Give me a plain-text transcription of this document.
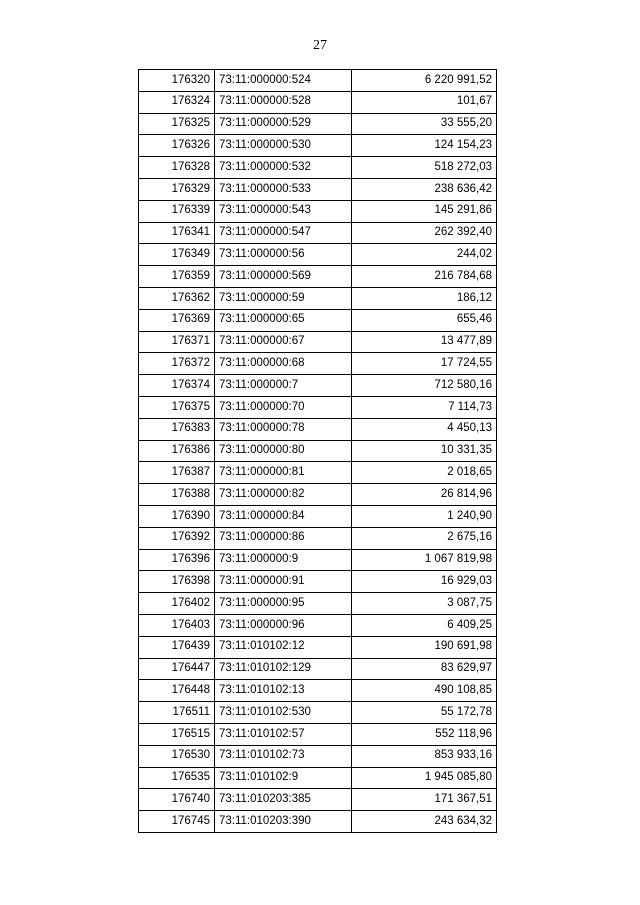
27
176320	73:11:000000:524	6 220 991,52
176324	73:11:000000:528	101,67
176325	73:11:000000:529	33 555,20
176326	73:11:000000:530	124 154,23
176328	73:11:000000:532	518 272,03
176329	73:11:000000:533	238 636,42
176339	73:11:000000:543	145 291,86
176341	73:11:000000:547	262 392,40
176349	73:11:000000:56	244,02
176359	73:11:000000:569	216 784,68
176362	73:11:000000:59	186,12
176369	73:11:000000:65	655,46
176371	73:11:000000:67	13 477,89
176372	73:11:000000:68	17 724,55
176374	73:11:000000:7	712 580,16
176375	73:11:000000:70	7 114,73
176383	73:11:000000:78	4 450,13
176386	73:11:000000:80	10 331,35
176387	73:11:000000:81	2 018,65
176388	73:11:000000:82	26 814,96
176390	73:11:000000:84	1 240,90
176392	73:11:000000:86	2 675,16
176396	73:11:000000:9	1 067 819,98
176398	73:11:000000:91	16 929,03
176402	73:11:000000:95	3 087,75
176403	73:11:000000:96	6 409,25
176439	73:11:010102:12	190 691,98
176447	73:11:010102:129	83 629,97
176448	73:11:010102:13	490 108,85
176511	73:11:010102:530	55 172,78
176515	73:11:010102:57	552 118,96
176530	73:11:010102:73	853 933,16
176535	73:11:010102:9	1 945 085,80
176740	73:11:010203:385	171 367,51
176745	73:11:010203:390	243 634,32
